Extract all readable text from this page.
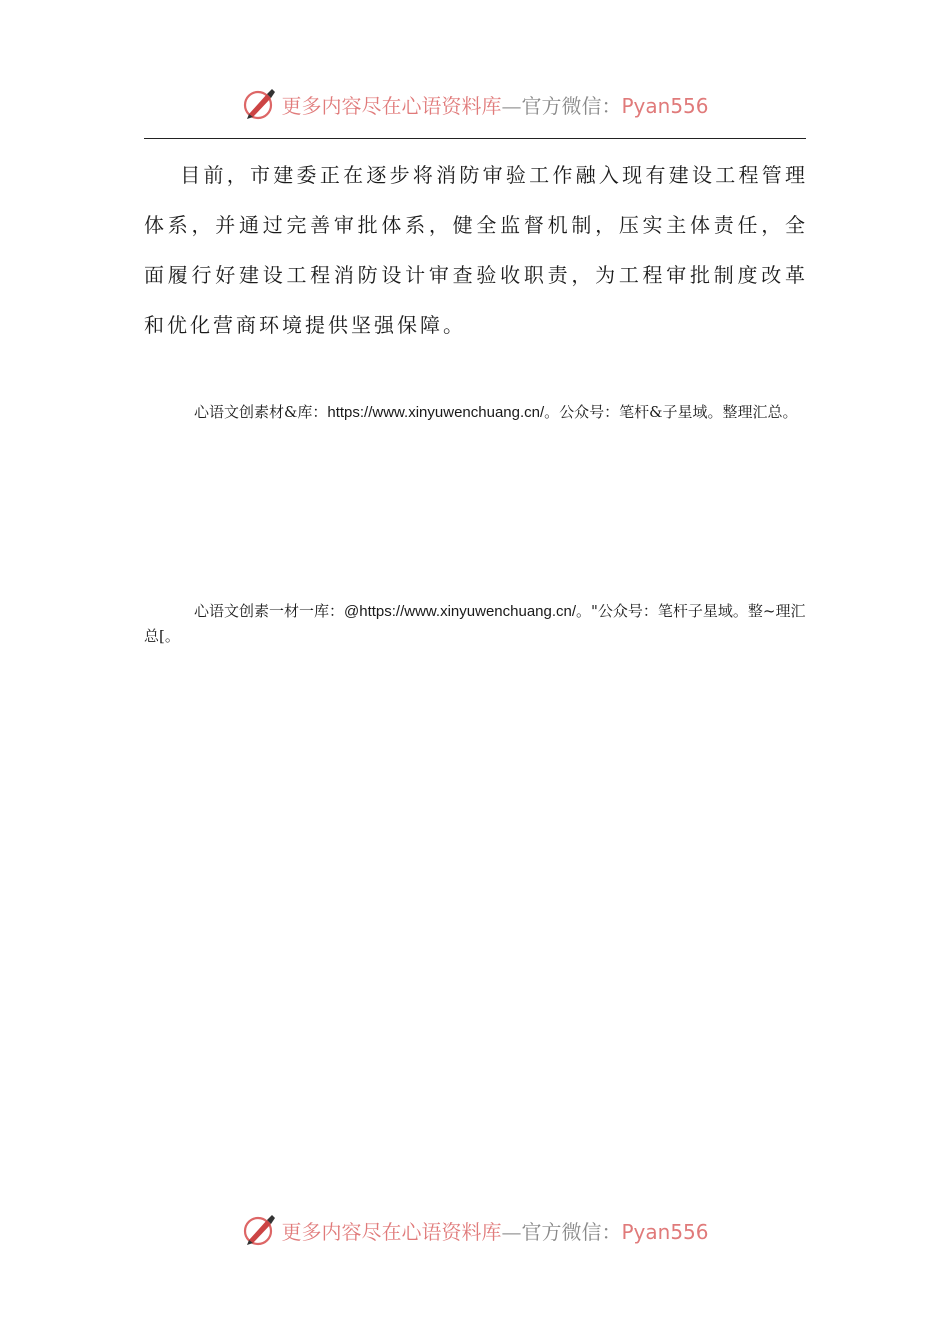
更多内容尽在心语资料库—官方微信：Pyan556
目前，市建委正在逐步将消防审验工作融入现有建设工程管理体系，并通过完善审批体系，健全监督机制，压实主体责任，全面履行好建设工程消防设计审查验收职责，为工程审批制度改革和优化营商环境提供坚强保障。
心语文创素材&库：https://www.xinyuwenchuang.cn/。公众号：笔杆&子星域。整理汇总。
心语文创素一材一库：@https://www.xinyuwenchuang.cn/。"公众号：笔杆子星域。整~理汇总[。
更多内容尽在心语资料库—官方微信：Pyan556
